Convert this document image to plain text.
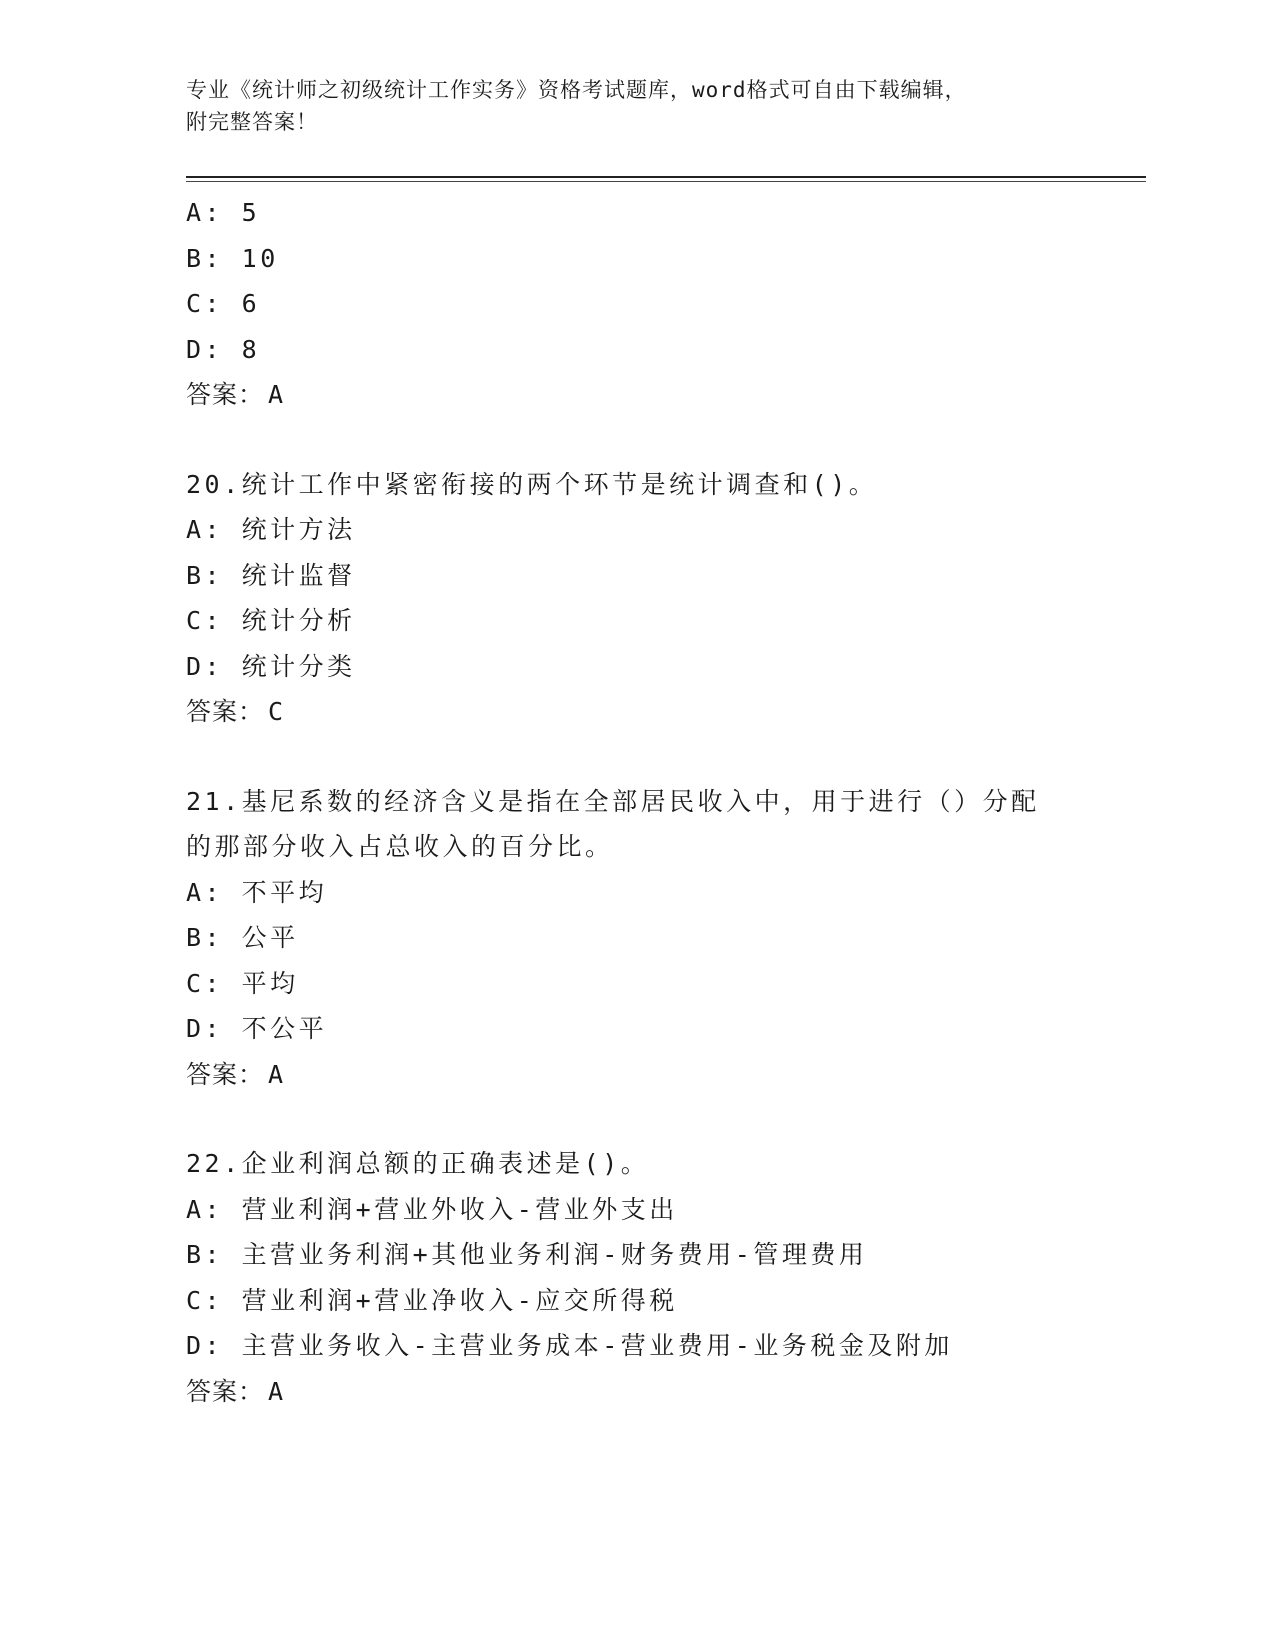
专业《统计师之初级统计工作实务》资格考试题库，word格式可自由下载编辑，
附完整答案！
A: 5
B: 10
C: 6
D: 8
答案： A
20.统计工作中紧密衔接的两个环节是统计调查和()。
A: 统计方法
B: 统计监督
C: 统计分析
D: 统计分类
答案： C
21.基尼系数的经济含义是指在全部居民收入中，用于进行（）分配的那部分收入占总收入的百分比。
A: 不平均
B: 公平
C: 平均
D: 不公平
答案： A
22.企业利润总额的正确表述是()。
A: 营业利润+营业外收入-营业外支出
B: 主营业务利润+其他业务利润-财务费用-管理费用
C: 营业利润+营业净收入-应交所得税
D: 主营业务收入-主营业务成本-营业费用-业务税金及附加
答案： A
